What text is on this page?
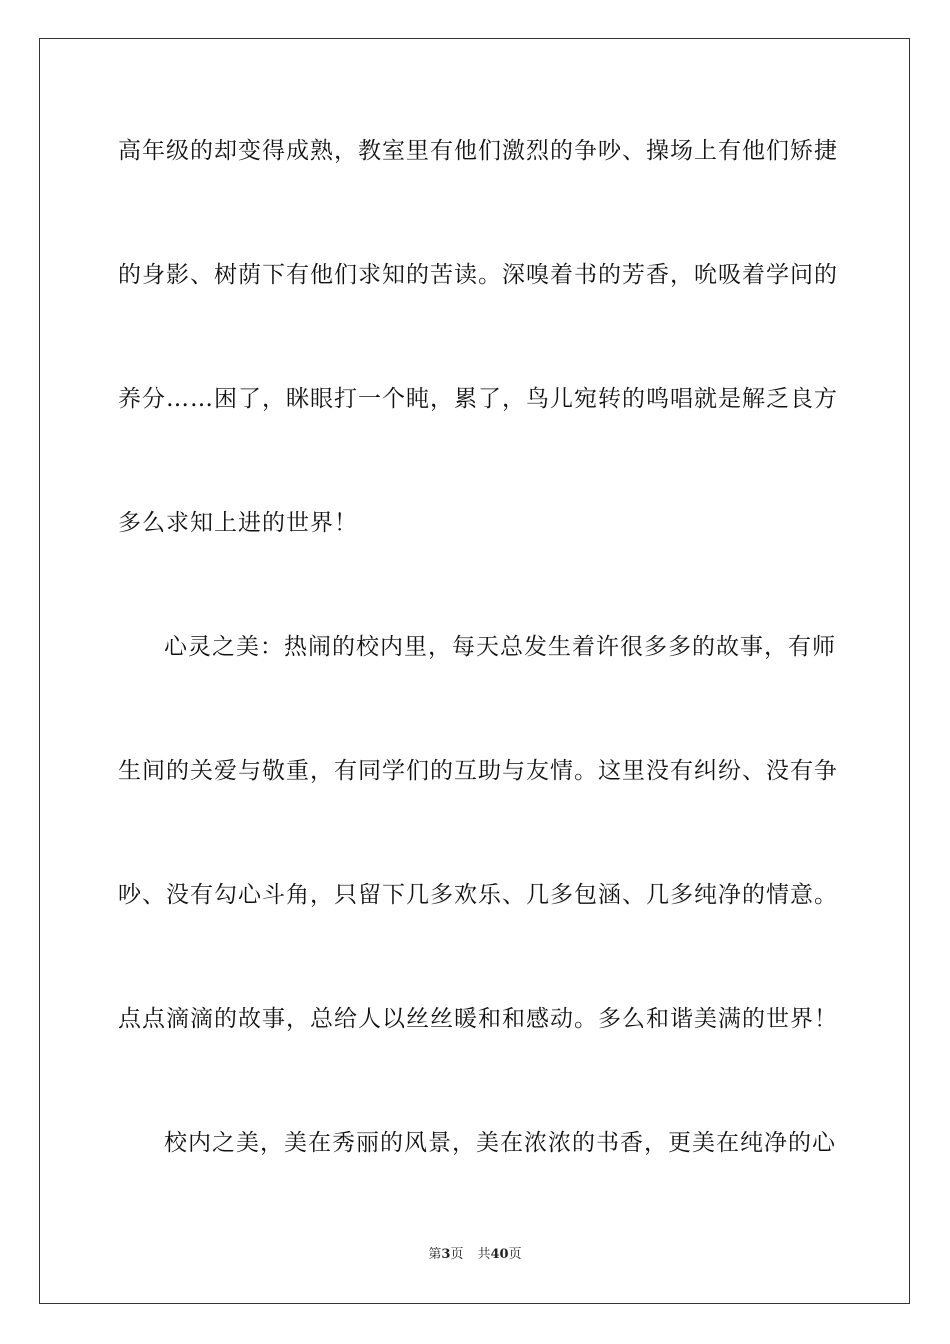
高年级的却变得成熟，教室里有他们激烈的争吵、操场上有他们矫捷
的身影、树荫下有他们求知的苦读。深嗅着书的芳香，吮吸着学问的
养分……困了，眯眼打一个盹，累了，鸟儿宛转的鸣唱就是解乏良方
多么求知上进的世界！
心灵之美：热闹的校内里，每天总发生着许很多多的故事，有师
生间的关爱与敬重，有同学们的互助与友情。这里没有纠纷、没有争
吵、没有勾心斗角，只留下几多欢乐、几多包涵、几多纯净的情意。
点点滴滴的故事，总给人以丝丝暖和和感动。多么和谐美满的世界！
校内之美，美在秀丽的风景，美在浓浓的书香，更美在纯净的心
第3页 共40页
